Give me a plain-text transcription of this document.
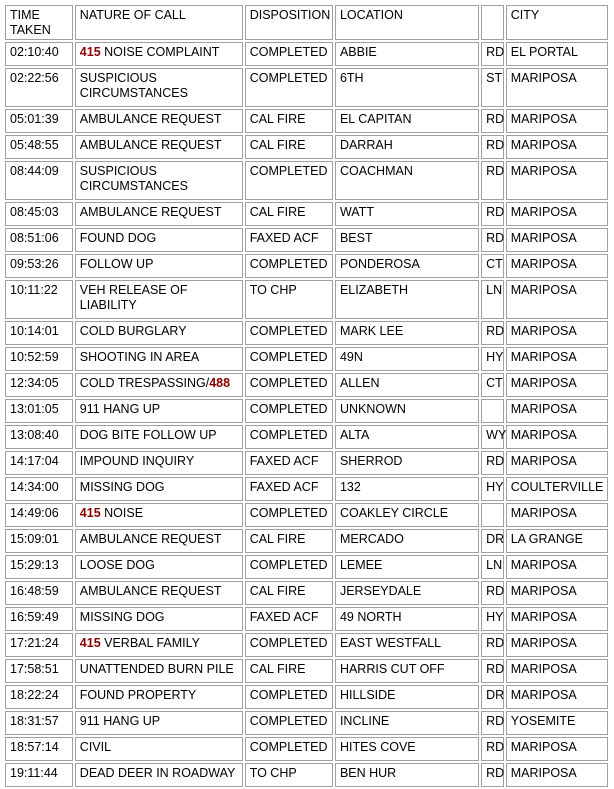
TIME TAKEN	NATURE OF CALL	DISPOSITION	LOCATION		CITY
02:10:40	415 NOISE COMPLAINT	COMPLETED	ABBIE	RD	EL PORTAL
02:22:56	SUSPICIOUS CIRCUMSTANCES	COMPLETED	6TH	ST	MARIPOSA
05:01:39	AMBULANCE REQUEST	CAL FIRE	EL CAPITAN	RD	MARIPOSA
05:48:55	AMBULANCE REQUEST	CAL FIRE	DARRAH	RD	MARIPOSA
08:44:09	SUSPICIOUS CIRCUMSTANCES	COMPLETED	COACHMAN	RD	MARIPOSA
08:45:03	AMBULANCE REQUEST	CAL FIRE	WATT	RD	MARIPOSA
08:51:06	FOUND DOG	FAXED ACF	BEST	RD	MARIPOSA
09:53:26	FOLLOW UP	COMPLETED	PONDEROSA	CT	MARIPOSA
10:11:22	VEH RELEASE OF LIABILITY	TO CHP	ELIZABETH	LN	MARIPOSA
10:14:01	COLD BURGLARY	COMPLETED	MARK LEE	RD	MARIPOSA
10:52:59	SHOOTING IN AREA	COMPLETED	49N	HY	MARIPOSA
12:34:05	COLD TRESPASSING/488	COMPLETED	ALLEN	CT	MARIPOSA
13:01:05	911 HANG UP	COMPLETED	UNKNOWN		MARIPOSA
13:08:40	DOG BITE FOLLOW UP	COMPLETED	ALTA	WY	MARIPOSA
14:17:04	IMPOUND INQUIRY	FAXED ACF	SHERROD	RD	MARIPOSA
14:34:00	MISSING DOG	FAXED ACF	132	HY	COULTERVILLE
14:49:06	415 NOISE	COMPLETED	COAKLEY CIRCLE		MARIPOSA
15:09:01	AMBULANCE REQUEST	CAL FIRE	MERCADO	DR	LA GRANGE
15:29:13	LOOSE DOG	COMPLETED	LEMEE	LN	MARIPOSA
16:48:59	AMBULANCE REQUEST	CAL FIRE	JERSEYDALE	RD	MARIPOSA
16:59:49	MISSING DOG	FAXED ACF	49 NORTH	HY	MARIPOSA
17:21:24	415 VERBAL FAMILY	COMPLETED	EAST WESTFALL	RD	MARIPOSA
17:58:51	UNATTENDED BURN PILE	CAL FIRE	HARRIS CUT OFF	RD	MARIPOSA
18:22:24	FOUND PROPERTY	COMPLETED	HILLSIDE	DR	MARIPOSA
18:31:57	911 HANG UP	COMPLETED	INCLINE	RD	YOSEMITE
18:57:14	CIVIL	COMPLETED	HITES COVE	RD	MARIPOSA
19:11:44	DEAD DEER IN ROADWAY	TO CHP	BEN HUR	RD	MARIPOSA
